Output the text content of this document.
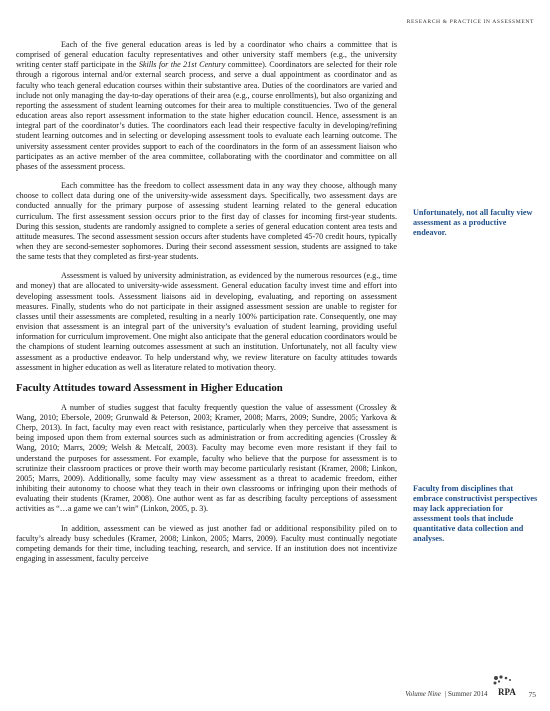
RESEARCH & PRACTICE IN ASSESSMENT

Each of the five general education areas is led by a coordinator who chairs a committee that is comprised of general education faculty representatives and other university staff members (e.g., the university writing center staff participate in the Skills for the 21st Century committee). Coordinators are selected for their role through a rigorous internal and/or external search process, and serve a dual appointment as coordinator and as faculty who teach general education courses within their substantive area. Duties of the coordinators are varied and include not only managing the day-to-day operations of their area (e.g., course enrollments), but also organizing and reporting the assessment of student learning outcomes for their area to multiple constituencies. Two of the general education areas also report assessment information to the state higher education council. Hence, assessment is an integral part of the coordinator’s duties. The coordinators each lead their respective faculty in developing/refining student learning outcomes and in selecting or developing assessment tools to evaluate each learning outcome. The university assessment center provides support to each of the coordinators in the form of an assessment liaison who participates as an active member of the area committee, collaborating with the coordinator and committee on all phases of the assessment process.

Each committee has the freedom to collect assessment data in any way they choose, although many choose to collect data during one of the university-wide assessment days. Specifically, two assessment days are conducted annually for the primary purpose of assessing student learning related to the general education curriculum. The first assessment session occurs prior to the first day of classes for incoming first-year students. During this session, students are randomly assigned to complete a series of general education content area tests and attitude measures. The second assessment session occurs after students have completed 45-70 credit hours, typically when they are second-semester sophomores. During their second assessment session, students are assigned to take the same tests that they completed as first-year students.

Assessment is valued by university administration, as evidenced by the numerous resources (e.g., time and money) that are allocated to university-wide assessment. General education faculty invest time and effort into developing assessment tools. Assessment liaisons aid in developing, evaluating, and reporting on assessment measures. Finally, students who do not participate in their assigned assessment session are unable to register for classes until their assessments are completed, resulting in a nearly 100% participation rate. Consequently, one may envision that assessment is an integral part of the university’s evaluation of student learning, providing useful information for curriculum improvement. One might also anticipate that the general education coordinators would be the champions of student learning outcomes assessment at such an institution. Unfortunately, not all faculty view assessment as a productive endeavor. To help understand why, we review literature on faculty attitudes towards assessment in higher education as well as literature related to motivation theory.

Faculty Attitudes toward Assessment in Higher Education

A number of studies suggest that faculty frequently question the value of assessment (Crossley & Wang, 2010; Ebersole, 2009; Grunwald & Peterson, 2003; Kramer, 2008; Marrs, 2009; Sundre, 2005; Yarkova & Cherp, 2013). In fact, faculty may even react with resistance, particularly when they perceive that assessment is being imposed upon them from external sources such as administration or from accrediting agencies (Crossley & Wang, 2010; Marrs, 2009; Welsh & Metcalf, 2003). Faculty may become even more resistant if they fail to understand the purposes for assessment. For example, faculty who believe that the purpose for assessment is to scrutinize their classroom practices or prove their worth may become particularly resistant (Kramer, 2008; Linkon, 2005; Marrs, 2009). Additionally, some faculty may view assessment as a threat to academic freedom, either inhibiting their autonomy to choose what they teach in their own classrooms or infringing upon their methods of evaluating their students (Kramer, 2008). One author went as far as describing faculty perceptions of assessment activities as “…a game we can’t win” (Linkon, 2005, p. 3).

In addition, assessment can be viewed as just another fad or additional responsibility piled on to faculty’s already busy schedules (Kramer, 2008; Linkon, 2005; Marrs, 2009). Faculty must continually negotiate competing demands for their time, including teaching, research, and service. If an institution does not incentivize engaging in assessment, faculty perceive

Unfortunately, not all faculty view assessment as a productive endeavor.
Faculty from disciplines that embrace constructivist perspectives may lack appreciation for assessment tools that include quantitative data collection and analyses.
Volume Nine | Summer 2014 RPA 75
